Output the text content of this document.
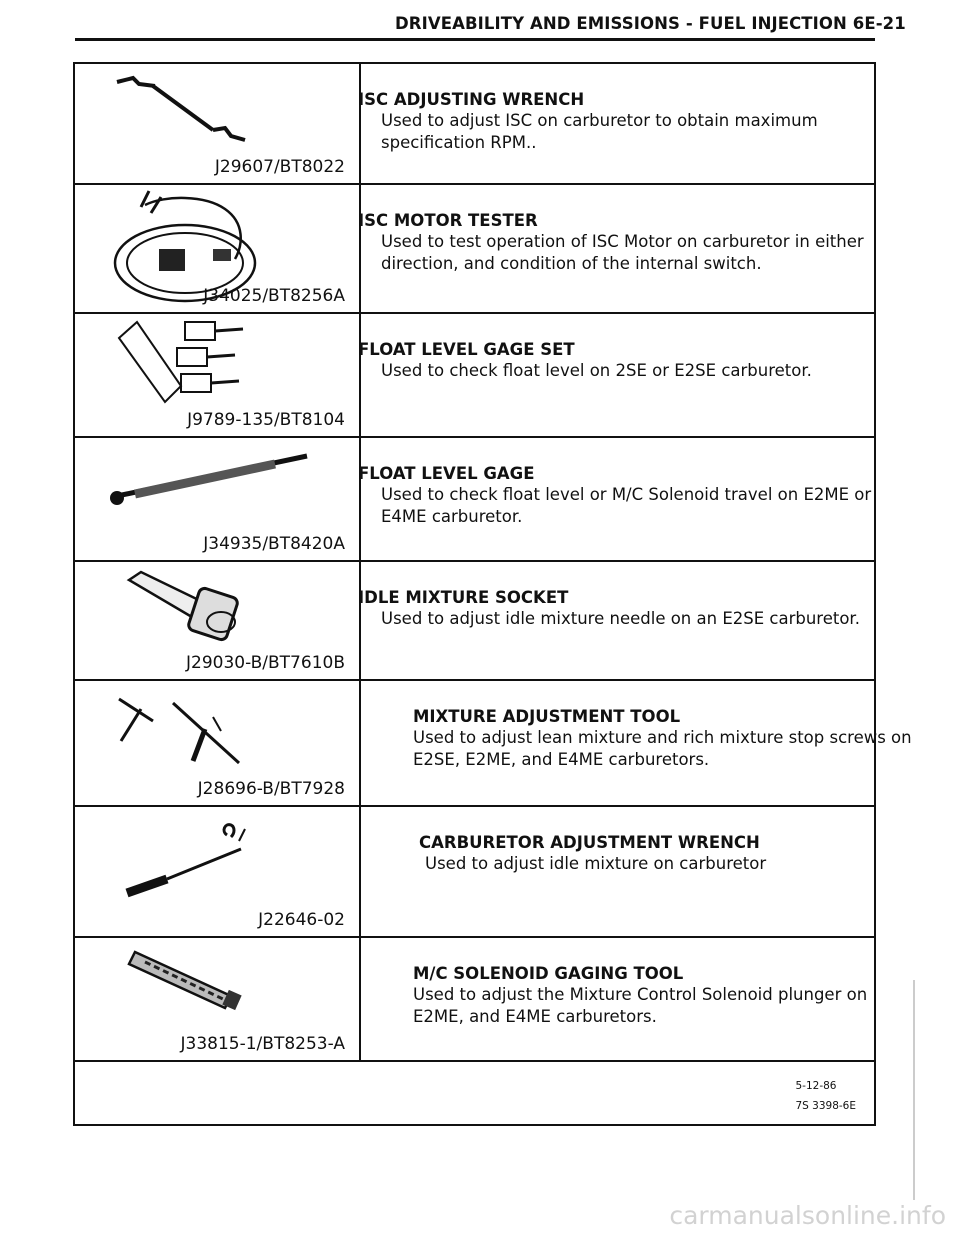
DRIVEABILITY AND EMISSIONS - FUEL INJECTION 6E-21
J29607/BT8022
ISC ADJUSTING WRENCH
Used to adjust ISC on carburetor to obtain maximum specification RPM..
J34025/BT8256A
ISC MOTOR TESTER
Used to test operation of ISC Motor on carburetor in either direction, and condition of the internal switch.
J9789-135/BT8104
FLOAT LEVEL GAGE SET
Used to check float level on 2SE or E2SE carburetor.
J34935/BT8420A
FLOAT LEVEL GAGE
Used to check float level or M/C Solenoid travel on E2ME or E4ME carburetor.
J29030-B/BT7610B
IDLE MIXTURE SOCKET
Used to adjust idle mixture needle on an E2SE carburetor.
J28696-B/BT7928
MIXTURE ADJUSTMENT TOOL
Used to adjust lean mixture and rich mixture stop screws on E2SE, E2ME, and E4ME carburetors.
J22646-02
CARBURETOR ADJUSTMENT WRENCH
Used to adjust idle mixture on carburetor
J33815-1/BT8253-A
M/C SOLENOID GAGING TOOL
Used to adjust the Mixture Control Solenoid plunger on E2ME, and E4ME carburetors.
5-12-86
7S 3398-6E
carmanualsonline.info
